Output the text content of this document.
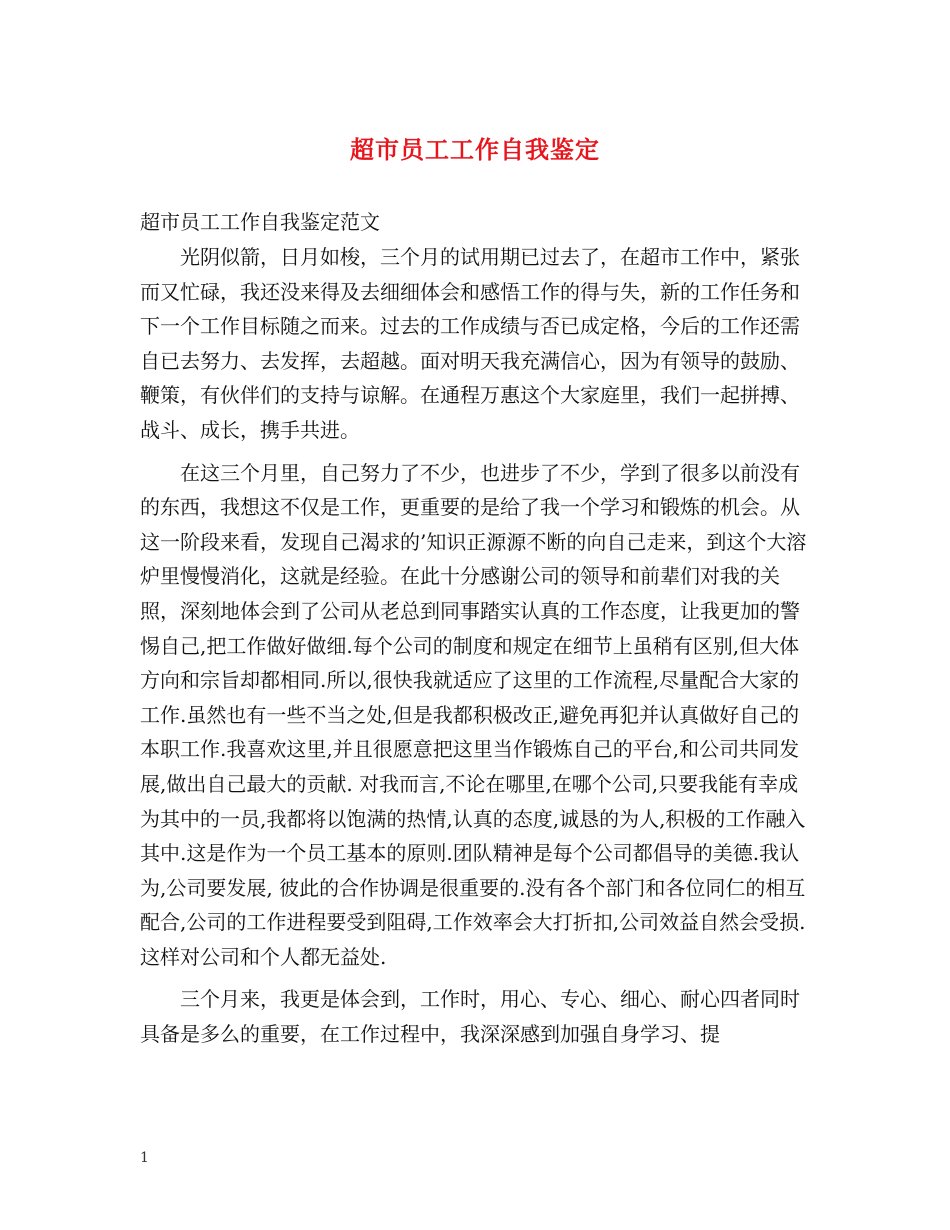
超市员工工作自我鉴定
超市员工工作自我鉴定范文

光阴似箭，日月如梭，三个月的试用期已过去了，在超市工作中，紧张而又忙碌，我还没来得及去细细体会和感悟工作的得与失，新的工作任务和下一个工作目标随之而来。过去的工作成绩与否已成定格，今后的工作还需自已去努力、去发挥，去超越。面对明天我充满信心，因为有领导的鼓励、鞭策，有伙伴们的支持与谅解。在通程万惠这个大家庭里，我们一起拼搏、战斗、成长，携手共进。

在这三个月里，自己努力了不少，也进步了不少，学到了很多以前没有的东西，我想这不仅是工作，更重要的是给了我一个学习和锻炼的机会。从这一阶段来看，发现自己渴求的’知识正源源不断的向自己走来，到这个大溶炉里慢慢消化，这就是经验。在此十分感谢公司的领导和前辈们对我的关照，深刻地体会到了公司从老总到同事踏实认真的工作态度，让我更加的警惕自己,把工作做好做细.每个公司的制度和规定在细节上虽稍有区别,但大体方向和宗旨却都相同.所以,很快我就适应了这里的工作流程,尽量配合大家的工作.虽然也有一些不当之处,但是我都积极改正,避免再犯并认真做好自己的本职工作.我喜欢这里,并且很愿意把这里当作锻炼自己的平台,和公司共同发展,做出自己最大的贡献. 对我而言,不论在哪里,在哪个公司,只要我能有幸成为其中的一员,我都将以饱满的热情,认真的态度,诚恳的为人,积极的工作融入其中.这是作为一个员工基本的原则.团队精神是每个公司都倡导的美德.我认为,公司要发展, 彼此的合作协调是很重要的.没有各个部门和各位同仁的相互配合,公司的工作进程要受到阻碍,工作效率会大打折扣,公司效益自然会受损.这样对公司和个人都无益处.

三个月来，我更是体会到，工作时，用心、专心、细心、耐心四者同时具备是多么的重要，在工作过程中，我深深感到加强自身学习、提

1
